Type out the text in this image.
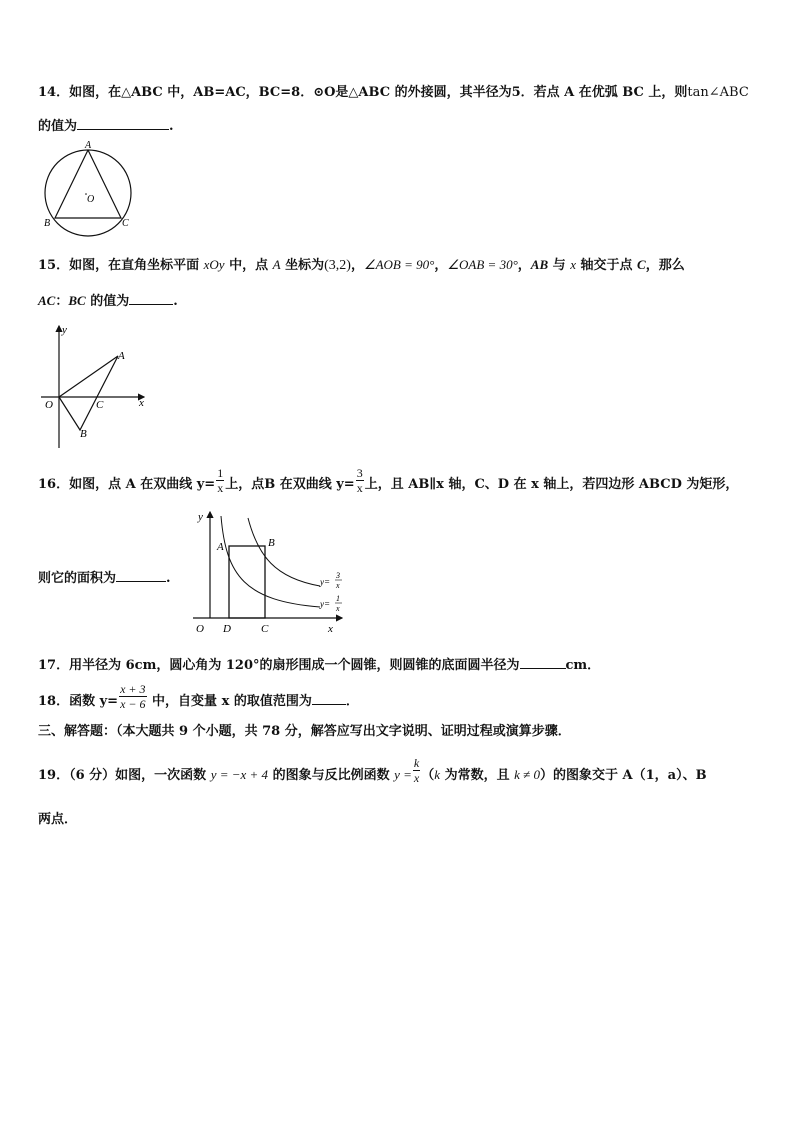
14．如图，在△ABC 中，AB=AC，BC=8．⊙O是△ABC 的外接圆，其半径为5．若点 A 在优弧 BC 上，则tan∠ABC
的值为	.
A
B	C
O
15．如图，在直角坐标平面 xOy 中，点 A 坐标为(3,2)，∠AOB = 90°，∠OAB = 30°，AB 与 x 轴交于点 C，那么
AC：BC 的值为	.
y
x
A
O	C
B
16．如图，点 A 在双曲线 $y= \frac{1}{x}$ 上，点B 在双曲线 $y= \frac{3}{x}$ 上，且 AB∥x 轴，C、D 在 x 轴上，若四边形 ABCD 为矩形，
则它的面积为	.
y
x
A	B
O D	C
y=
3
x
y=
1
x
17．用半径为 6cm，圆心角为 120°的扇形围成一个圆锥，则圆锥的底面圆半径为	cm．
18．函数 $y= \frac{x + 3}{x - 6}$ 中，自变量 x 的取值范围为	．
三、解答题：（本大题共 9 个小题，共 78 分，解答应写出文字说明、证明过程或演算步骤．
19．（6 分）如图，一次函数 y = −x + 4 的图象与反比例函数 $y = \frac{k}{x} (k$ 为常数，且 k ≠ 0）的图象交于 A（1，a）、B
两点．
